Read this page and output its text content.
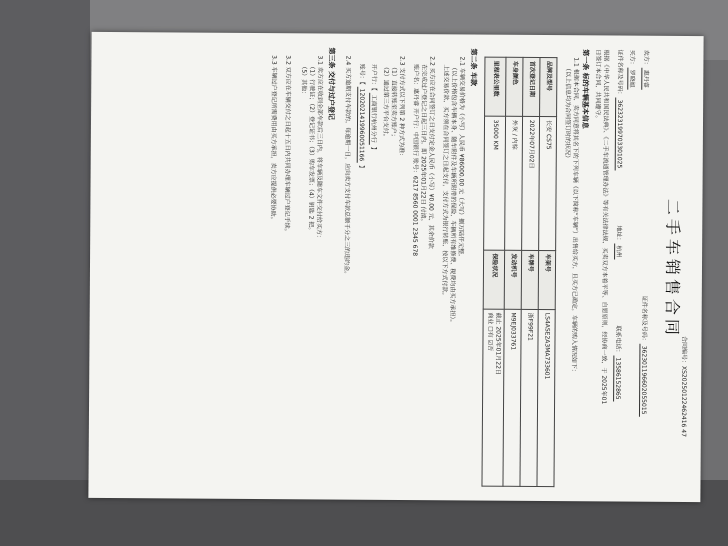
二手车销售合同
合同编号：XS20250122462416 47
卖方：惠丹睿
证件名称及号码：362301196602055015
买方：罗晓旭
证件名称及号码：362323199703301025
地址：杭州
联系电话：13586152865
根据《中华人民共和国民法典》、《二手车流通管理办法》等有关法律法规，买卖双方本着平等、自愿原则，经协商一致，于 2025年01
日签订本合同，共同遵守。
第一条 标的车辆基本信息
1.1 根据本合同，卖方同意将其名下的下列车辆（以下简称“车辆”）出售给买方，且买方已确定，车辆的购入情况如下：
（以上信息均为合同签订时的状况）
品牌及型号	长安 CS75	车架号	LS4ASE2A3MA733601
首次登记日期	2022年07月02日	车牌号	浙F99F21
车身颜色	外灰 / 内棕	发动机号	M9EJ033761
里程表公里数	35000 KM	保险状况	截止 2025年01月22日
商业 ☐有 ☑否
第二条 车款
2.1 车辆交易价格为（小写）人民币 ¥86000.00 元（大写）捌万陆仟元整，
（以上价格包含车辆本身、随车附件及车辆所附带的保险，车辆所有维修费、税费均由买方承担）。
上述交易价款，买方须在合同签订之日起支付，支付方式为银行转账，按以下方式付款。
2.2 买方应在合同签订之日支付定金人民币（小写）¥0.00 元，其余价款
在完成过户登记之日起三日内，即 2025年01月22日 付清。
账户名：惠丹睿 开户行：中国银行 账号：6217 8560 0001 2345 678
2.3 支付方式以下列第 2 种方式为准：
（1）直接转账至卖方账户；
（2）通过第三方平台支付。
开户行：【 工商银行杭州分行 】
账号：【 1202021419960051166 】
2.4 买方逾期支付车款的，每逾期一日，应向卖方支付车款总额千分之三的违约金。
第三条 交付与过户登记
3.1 卖方应在收到全部车款后三日内，将车辆及随车文件交付给买方：
（1）行驶证；（2）登记证书；（3）购车发票；（4）钥匙 2 把。
（5）其他：
3.2 双方应在车辆交付之日起十五日内共同办理车辆过户登记手续。
3.3 车辆过户登记所需费用由买方承担，卖方应提供必要协助。
